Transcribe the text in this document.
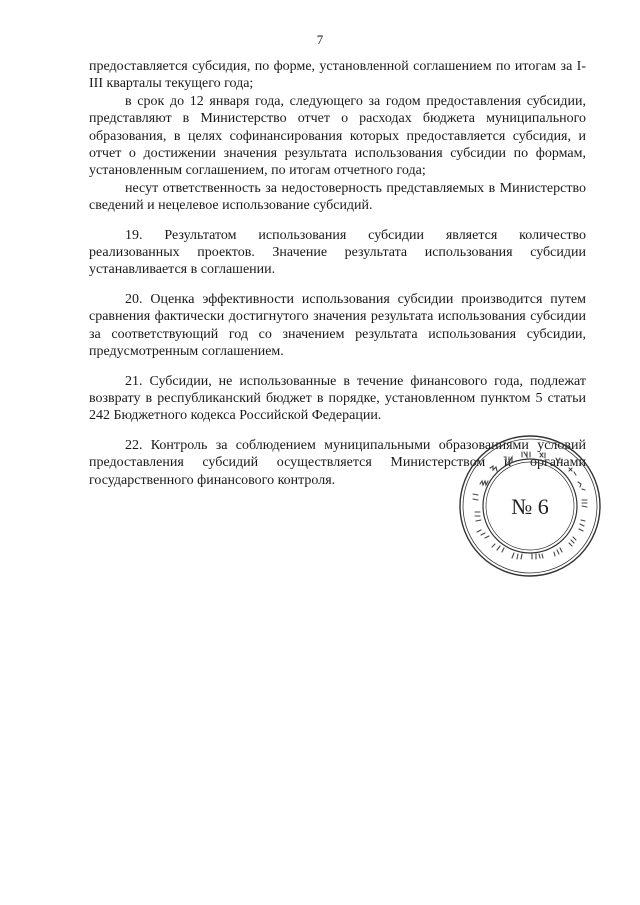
7

предоставляется субсидия, по форме, установленной соглашением по итогам за I-III кварталы текущего года;

в срок до 12 января года, следующего за годом предоставления субсидии, представляют в Министерство отчет о расходах бюджета муниципального образования, в целях софинансирования которых предоставляется субсидия, и отчет о достижении значения результата использования субсидии по формам, установленным соглашением, по итогам отчетного года;

несут ответственность за недостоверность представляемых в Министерство сведений и нецелевое использование субсидий.

19. Результатом использования субсидии является количество реализованных проектов. Значение результата использования субсидии устанавливается в соглашении.

20. Оценка эффективности использования субсидии производится путем сравнения фактически достигнутого значения результата использования субсидии за соответствующий год со значением результата использования субсидии, предусмотренным соглашением.

21. Субсидии, не использованные в течение финансового года, подлежат возврату в республиканский бюджет в порядке, установленном пунктом 5 статьи 242 Бюджетного кодекса Российской Федерации.

22. Контроль за соблюдением муниципальными образованиями условий предоставления субсидий осуществляется Министерством и органами государственного финансового контроля.

№ 6
